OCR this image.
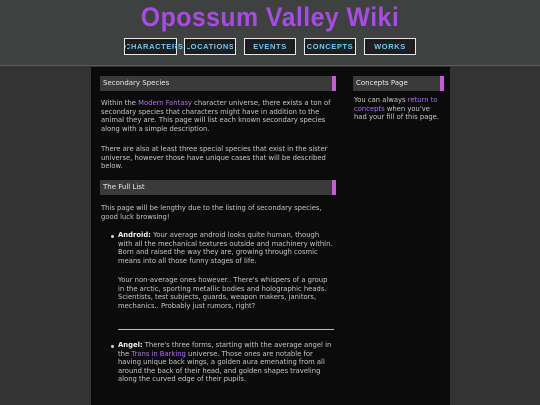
Opossum Valley Wiki
CHARACTERS LOCATIONS	EVENTS	CONCEPTS	WORKS
Secondary Species
Within the Modern Fantasy character universe, there exists a ton of secondary species that characters might have in addition to the animal they are. This page will list each known secondary species along with a simple description.
There are also at least three special species that exist in the sister universe, however those have unique cases that will be described below.
The Full List
This page will be lengthy due to the listing of secondary species, good luck browsing!
Android: Your average android looks quite human, though with all the mechanical textures outside and machinery within. Born and raised the way they are, growing through cosmic means into all those funny stages of life.
Your non-average ones however.. There's whispers of a group in the arctic, sporting metallic bodies and holographic heads. Scientists, test subjects, guards, weapon makers, janitors, mechanics.. Probably just rumors, right?
Angel: There's three forms, starting with the average angel in the Trans in Barking universe. Those ones are notable for having unique back wings, a golden aura emenating from all around the back of their head, and golden shapes traveling along the curved edge of their pupils.
Concepts Page
You can always return to concepts when you've had your fill of this page.
